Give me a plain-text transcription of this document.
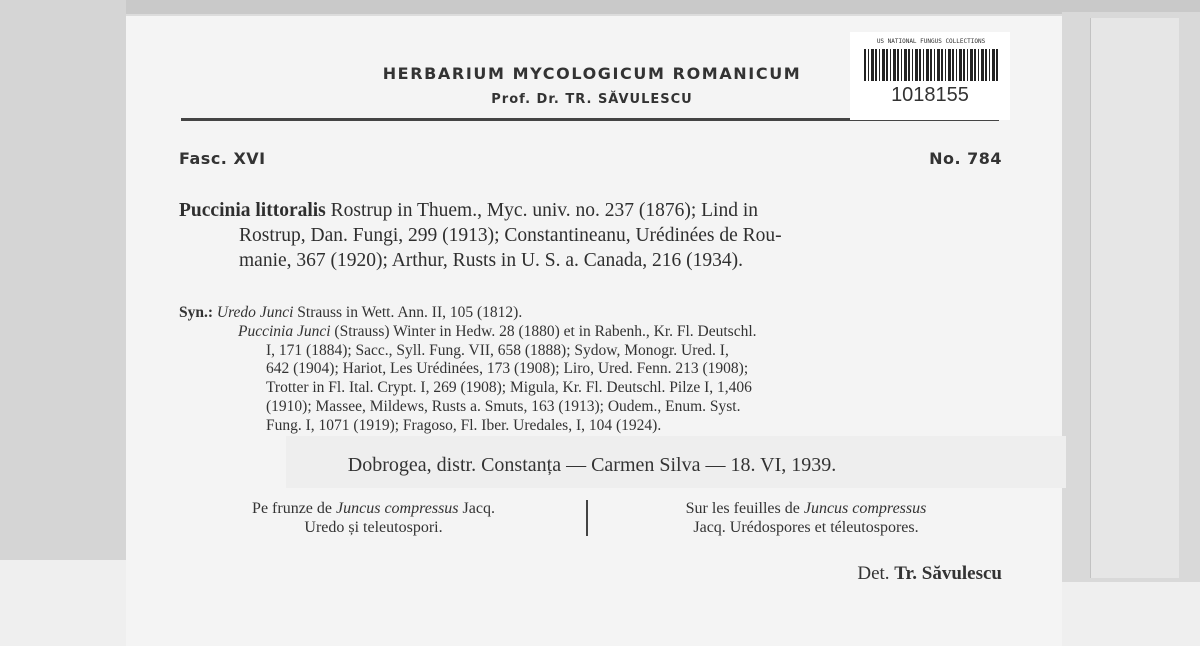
HERBARIUM MYCOLOGICUM ROMANICUM
Prof. Dr. TR. SĂVULESCU
US NATIONAL FUNGUS COLLECTIONS
1018155
Fasc. XVI	No. 784
Puccinia littoralis Rostrup in Thuem., Myc. univ. no. 237 (1876); Lind in
Rostrup, Dan. Fungi, 299 (1913); Constantineanu, Urédinées de Rou-
manie, 367 (1920); Arthur, Rusts in U. S. a. Canada, 216 (1934).
Syn.: Uredo Junci Strauss in Wett. Ann. II, 105 (1812).
Puccinia Junci (Strauss) Winter in Hedw. 28 (1880) et in Rabenh., Kr. Fl. Deutschl.
I, 171 (1884); Sacc., Syll. Fung. VII, 658 (1888); Sydow, Monogr. Ured. I,
642 (1904); Hariot, Les Urédinées, 173 (1908); Liro, Ured. Fenn. 213 (1908);
Trotter in Fl. Ital. Crypt. I, 269 (1908); Migula, Kr. Fl. Deutschl. Pilze I, 1,406
(1910); Massee, Mildews, Rusts a. Smuts, 163 (1913); Oudem., Enum. Syst.
Fung. I, 1071 (1919); Fragoso, Fl. Iber. Uredales, I, 104 (1924).
Dobrogea, distr. Constanța — Carmen Silva — 18. VI, 1939.
Pe frunze de Juncus compressus Jacq.
Uredo și teleutospori.
Sur les feuilles de Juncus compressus
Jacq. Urédospores et téleutospores.
Det. Tr. Săvulescu
